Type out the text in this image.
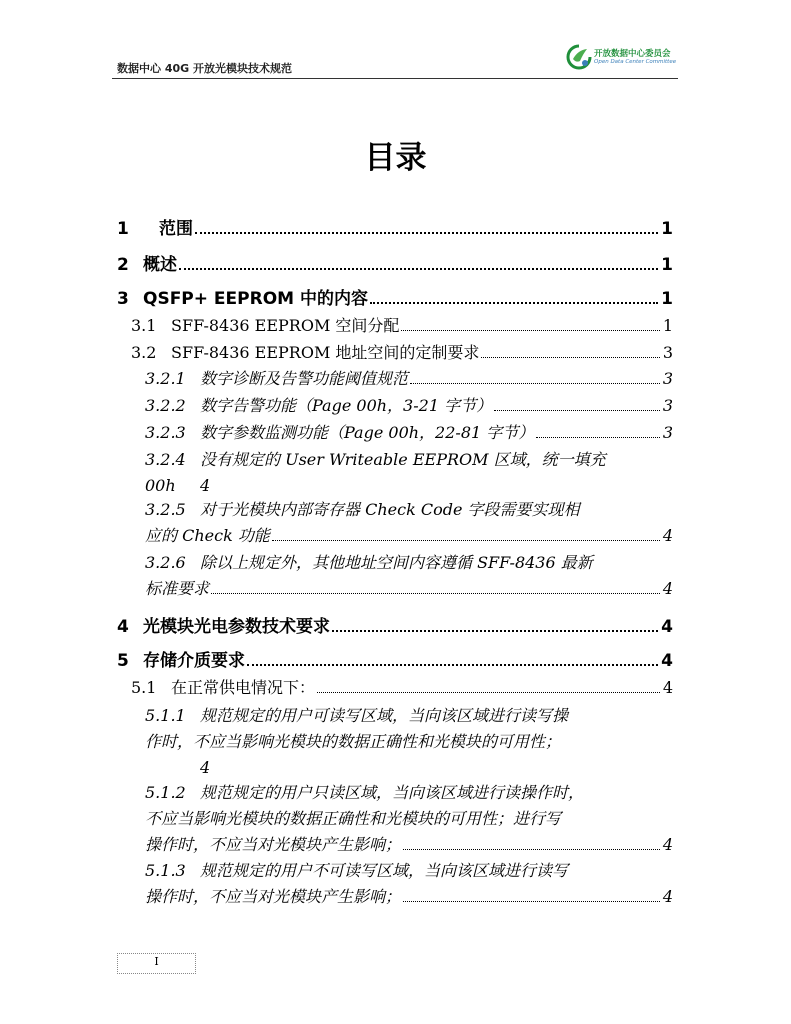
数据中心 40G 开放光模块技术规范
开放数据中心委员会
Open Data Center Committee
目录
1	范围	1
2 概述	1
3 QSFP+ EEPROM 中的内容	1
3.1 SFF-8436 EEPROM 空间分配	1
3.2 SFF-8436 EEPROM 地址空间的定制要求	3
3.2.1 数字诊断及告警功能阈值规范	3
3.2.2 数字告警功能（Page 00h，3-21 字节）	3
3.2.3 数字参数监测功能（Page 00h，22-81 字节）	3
3.2.4 没有规定的 User Writeable EEPROM 区域，统一填充
00h	4
3.2.5 对于光模块内部寄存器 Check Code 字段需要实现相
应的 Check 功能	4
3.2.6 除以上规定外，其他地址空间内容遵循 SFF-8436 最新
标准要求	4
4 光模块光电参数技术要求	4
5 存储介质要求	4
5.1 在正常供电情况下：	4
5.1.1 规范规定的用户可读写区域，当向该区域进行读写操
作时，不应当影响光模块的数据正确性和光模块的可用性；
4
5.1.2 规范规定的用户只读区域，当向该区域进行读操作时，
不应当影响光模块的数据正确性和光模块的可用性；进行写
操作时，不应当对光模块产生影响；	4
5.1.3 规范规定的用户不可读写区域，当向该区域进行读写
操作时，不应当对光模块产生影响；	4
I
